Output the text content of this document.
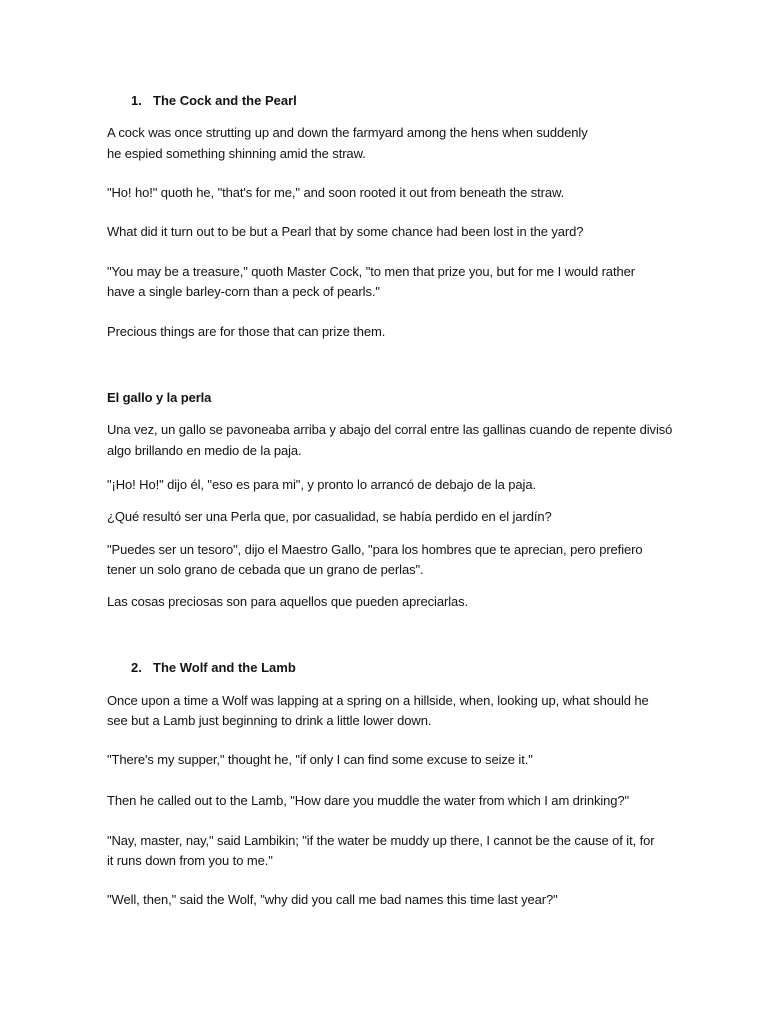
1. The Cock and the Pearl

A cock was once strutting up and down the farmyard among the hens when suddenly

he espied something shinning amid the straw.

"Ho! ho!" quoth he, "that's for me," and soon rooted it out from beneath the straw.

What did it turn out to be but a Pearl that by some chance had been lost in the yard?

"You may be a treasure," quoth Master Cock, "to men that prize you, but for me I would rather

have a single barley-corn than a peck of pearls."

Precious things are for those that can prize them.

El gallo y la perla

Una vez, un gallo se pavoneaba arriba y abajo del corral entre las gallinas cuando de repente divisó

algo brillando en medio de la paja.

"¡Ho! Ho!" dijo él, "eso es para mi", y pronto lo arrancó de debajo de la paja.

¿Qué resultó ser una Perla que, por casualidad, se había perdido en el jardín?

"Puedes ser un tesoro", dijo el Maestro Gallo, "para los hombres que te aprecian, pero prefiero

tener un solo grano de cebada que un grano de perlas".

Las cosas preciosas son para aquellos que pueden apreciarlas.

2. The Wolf and the Lamb

Once upon a time a Wolf was lapping at a spring on a hillside, when, looking up, what should he

see but a Lamb just beginning to drink a little lower down.

"There's my supper," thought he, "if only I can find some excuse to seize it."

Then he called out to the Lamb, "How dare you muddle the water from which I am drinking?"

"Nay, master, nay," said Lambikin; "if the water be muddy up there, I cannot be the cause of it, for

it runs down from you to me."

"Well, then," said the Wolf, "why did you call me bad names this time last year?"
